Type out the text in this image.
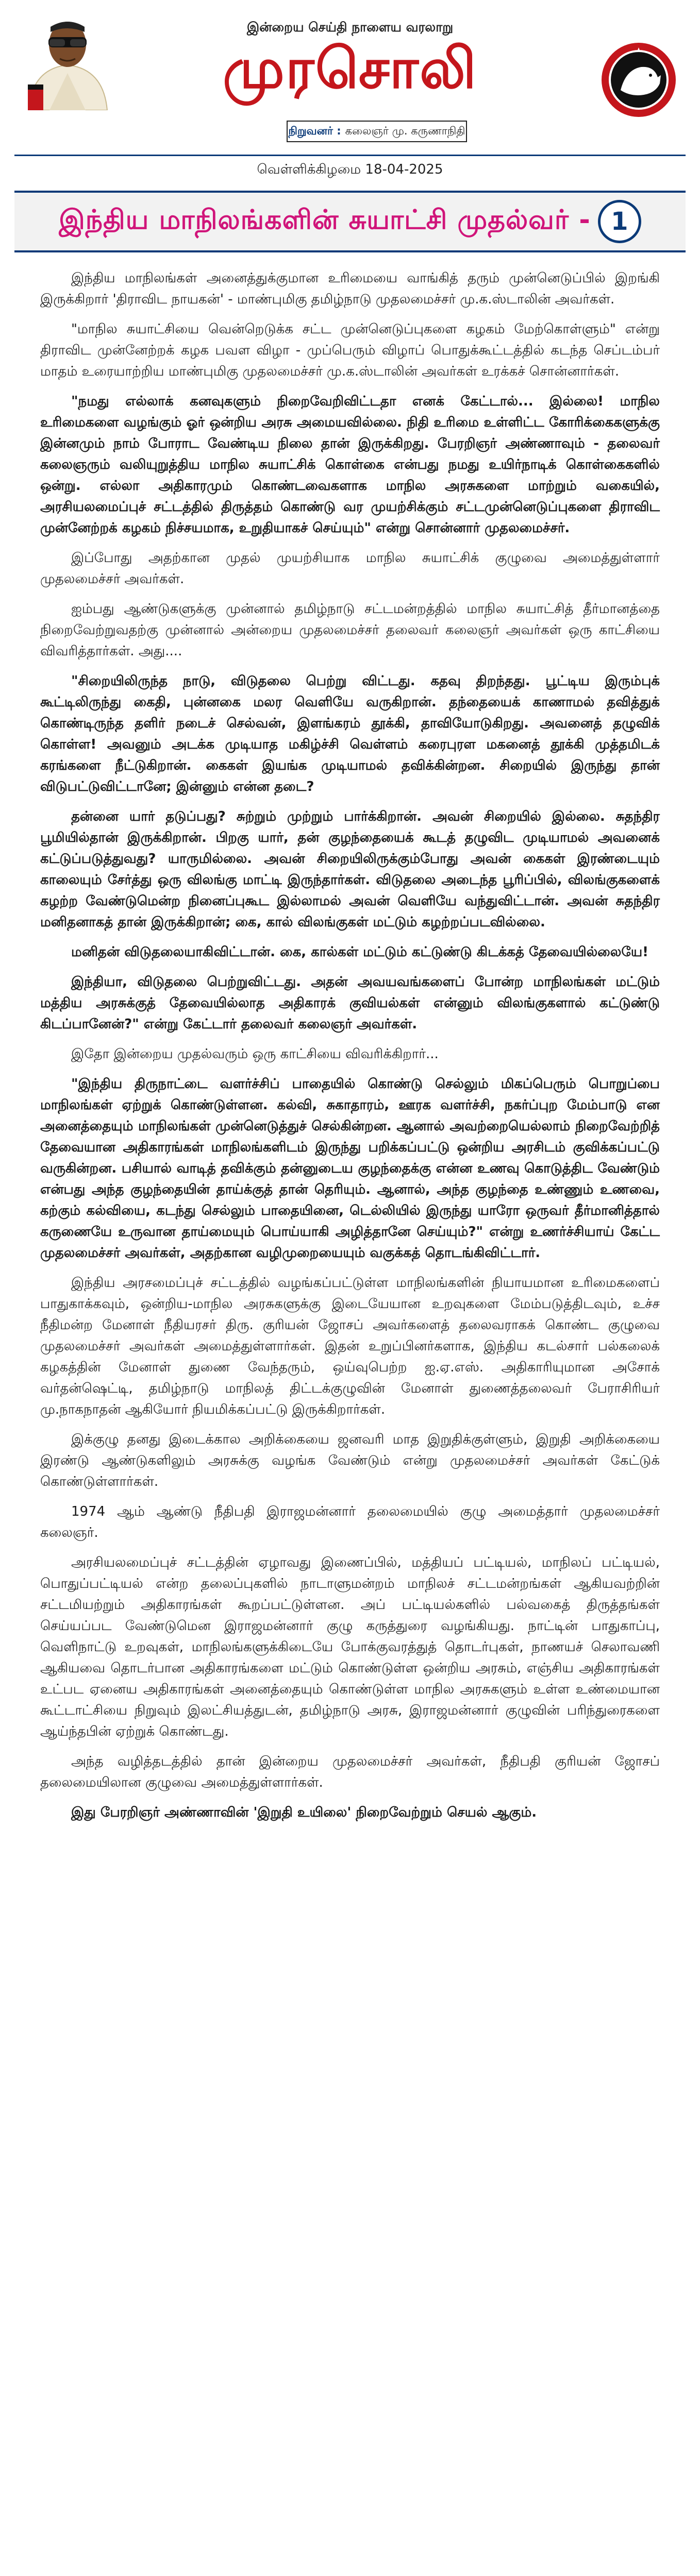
இன்றைய செய்தி நாளைய வரலாறு
முரசொலி
நிறுவனர் : கலைஞர் மு. கருணாநிதி
வெள்ளிக்கிழமை 18-04-2025
இந்திய மாநிலங்களின் சுயாட்சி முதல்வர் - 1

இந்திய மாநிலங்கள் அனைத்துக்குமான உரிமையை வாங்கித் தரும் முன்னெடுப்பில் இறங்கி இருக்கிறார் 'திராவிட நாயகன்' - மாண்புமிகு தமிழ்நாடு முதலமைச்சர் மு.க.ஸ்டாலின் அவர்கள்.

"மாநில சுயாட்சியை வென்றெடுக்க சட்ட முன்னெடுப்புகளை கழகம் மேற்கொள்ளும்" என்று திராவிட முன்னேற்றக் கழக பவள விழா - முப்பெரும் விழாப் பொதுக்கூட்டத்தில் கடந்த செப்டம்பர் மாதம் உரையாற்றிய மாண்புமிகு முதலமைச்சர் மு.க.ஸ்டாலின் அவர்கள் உரக்கச் சொன்னார்கள்.

"நமது எல்லாக் கனவுகளும் நிறைவேறிவிட்டதா எனக் கேட்டால்... இல்லை! மாநில உரிமைகளை வழங்கும் ஓர் ஒன்றிய அரசு அமையவில்லை. நிதி உரிமை உள்ளிட்ட கோரிக்கைகளுக்கு இன்னமும் நாம் போராட வேண்டிய நிலை தான் இருக்கிறது. பேரறிஞர் அண்ணாவும் - தலைவர் கலைஞரும் வலியுறுத்திய மாநில சுயாட்சிக் கொள்கை என்பது நமது உயிர்நாடிக் கொள்கைகளில் ஒன்று. எல்லா அதிகாரமும் கொண்டவைகளாக மாநில அரசுகளை மாற்றும் வகையில், அரசியலமைப்புச் சட்டத்தில் திருத்தம் கொண்டு வர முயற்சிக்கும் சட்டமுன்னெடுப்புகளை திராவிட முன்னேற்றக் கழகம் நிச்சயமாக, உறுதியாகச் செய்யும்" என்று சொன்னார் முதலமைச்சர்.

இப்போது அதற்கான முதல் முயற்சியாக மாநில சுயாட்சிக் குழுவை அமைத்துள்ளார் முதலமைச்சர் அவர்கள்.

ஐம்பது ஆண்டுகளுக்கு முன்னால் தமிழ்நாடு சட்டமன்றத்தில் மாநில சுயாட்சித் தீர்மானத்தை நிறைவேற்றுவதற்கு முன்னால் அன்றைய முதலமைச்சர் தலைவர் கலைஞர் அவர்கள் ஒரு காட்சியை விவரித்தார்கள். அது....

"சிறையிலிருந்த நாடு, விடுதலை பெற்று விட்டது. கதவு திறந்தது. பூட்டிய இரும்புக் கூட்டிலிருந்து கைதி, புன்னகை மலர வெளியே வருகிறான். தந்தையைக் காணாமல் தவித்துக் கொண்டிருந்த தளிர் நடைச் செல்வன், இளங்கரம் தூக்கி, தாவியோடுகிறது. அவனைத் தழுவிக் கொள்ள! அவனும் அடக்க முடியாத மகிழ்ச்சி வெள்ளம் கரைபுரள மகனைத் தூக்கி முத்தமிடக் கரங்களை நீட்டுகிறான். கைகள் இயங்க முடியாமல் தவிக்கின்றன. சிறையில் இருந்து தான் விடுபட்டுவிட்டானே; இன்னும் என்ன தடை?

தன்னை யார் தடுப்பது? சுற்றும் முற்றும் பார்க்கிறான். அவன் சிறையில் இல்லை. சுதந்திர பூமியில்தான் இருக்கிறான். பிறகு யார், தன் குழந்தையைக் கூடத் தழுவிட முடியாமல் அவனைக் கட்டுப்படுத்துவது? யாருமில்லை. அவன் சிறையிலிருக்கும்போது அவன் கைகள் இரண்டையும் காலையும் சேர்த்து ஒரு விலங்கு மாட்டி இருந்தார்கள். விடுதலை அடைந்த பூரிப்பில், விலங்குகளைக் கழற்ற வேண்டுமென்ற நினைப்புகூட இல்லாமல் அவன் வெளியே வந்துவிட்டான். அவன் சுதந்திர மனிதனாகத் தான் இருக்கிறான்; கை, கால் விலங்குகள் மட்டும் கழற்றப்படவில்லை.

மனிதன் விடுதலையாகிவிட்டான். கை, கால்கள் மட்டும் கட்டுண்டு கிடக்கத் தேவையில்லையே!

இந்தியா, விடுதலை பெற்றுவிட்டது. அதன் அவயவங்களைப் போன்ற மாநிலங்கள் மட்டும் மத்திய அரசுக்குத் தேவையில்லாத அதிகாரக் குவியல்கள் என்னும் விலங்குகளால் கட்டுண்டு கிடப்பானேன்?" என்று கேட்டார் தலைவர் கலைஞர் அவர்கள்.

இதோ இன்றைய முதல்வரும் ஒரு காட்சியை விவரிக்கிறார்...

"இந்திய திருநாட்டை வளர்ச்சிப் பாதையில் கொண்டு செல்லும் மிகப்பெரும் பொறுப்பை மாநிலங்கள் ஏற்றுக் கொண்டுள்ளன. கல்வி, சுகாதாரம், ஊரக வளர்ச்சி, நகர்ப்புற மேம்பாடு என அனைத்தையும் மாநிலங்கள் முன்னெடுத்துச் செல்கின்றன. ஆனால் அவற்றையெல்லாம் நிறைவேற்றித் தேவையான அதிகாரங்கள் மாநிலங்களிடம் இருந்து பறிக்கப்பட்டு ஒன்றிய அரசிடம் குவிக்கப்பட்டு வருகின்றன. பசியால் வாடித் தவிக்கும் தன்னுடைய குழந்தைக்கு என்ன உணவு கொடுத்திட வேண்டும் என்பது அந்த குழந்தையின் தாய்க்குத் தான் தெரியும். ஆனால், அந்த குழந்தை உண்ணும் உணவை, கற்கும் கல்வியை, கடந்து செல்லும் பாதையினை, டெல்லியில் இருந்து யாரோ ஒருவர் தீர்மானித்தால் கருணையே உருவான தாய்மையும் பொய்யாகி அழித்தானே செய்யும்?" என்று உணர்ச்சியாய் கேட்ட முதலமைச்சர் அவர்கள், அதற்கான வழிமுறையையும் வகுக்கத் தொடங்கிவிட்டார்.

இந்திய அரசமைப்புச் சட்டத்தில் வழங்கப்பட்டுள்ள மாநிலங்களின் நியாயமான உரிமைகளைப் பாதுகாக்கவும், ஒன்றிய-மாநில அரசுகளுக்கு இடையேயான உறவுகளை மேம்படுத்திடவும், உச்ச நீதிமன்ற மேனாள் நீதியரசர் திரு. குரியன் ஜோசப் அவர்களைத் தலைவராகக் கொண்ட குழுவை முதலமைச்சர் அவர்கள் அமைத்துள்ளார்கள். இதன் உறுப்பினர்களாக, இந்திய கடல்சார் பல்கலைக் கழகத்தின் மேனாள் துணை வேந்தரும், ஒய்வுபெற்ற ஐ.ஏ.எஸ். அதிகாரியுமான அசோக் வர்தன்ஷெட்டி, தமிழ்நாடு மாநிலத் திட்டக்குழுவின் மேனாள் துணைத்தலைவர் பேராசிரியர் மு.நாகநாதன் ஆகியோர் நியமிக்கப்பட்டு இருக்கிறார்கள்.

இக்குழு தனது இடைக்கால அறிக்கையை ஜனவரி மாத இறுதிக்குள்ளும், இறுதி அறிக்கையை இரண்டு ஆண்டுகளிலும் அரசுக்கு வழங்க வேண்டும் என்று முதலமைச்சர் அவர்கள் கேட்டுக் கொண்டுள்ளார்கள்.

1974 ஆம் ஆண்டு நீதிபதி இராஜமன்னார் தலைமையில் குழு அமைத்தார் முதலமைச்சர் கலைஞர்.

அரசியலமைப்புச் சட்டத்தின் ஏழாவது இணைப்பில், மத்தியப் பட்டியல், மாநிலப் பட்டியல், பொதுப்பட்டியல் என்ற தலைப்புகளில் நாடாளுமன்றம் மாநிலச் சட்டமன்றங்கள் ஆகியவற்றின் சட்டமியற்றும் அதிகாரங்கள் கூறப்பட்டுள்ளன. அப் பட்டியல்களில் பல்வகைத் திருத்தங்கள் செய்யப்பட வேண்டுமென இராஜமன்னார் குழு கருத்துரை வழங்கியது. நாட்டின் பாதுகாப்பு, வெளிநாட்டு உறவுகள், மாநிலங்களுக்கிடையே போக்குவரத்துத் தொடர்புகள், நாணயச் செலாவணி ஆகியவை தொடர்பான அதிகாரங்களை மட்டும் கொண்டுள்ள ஒன்றிய அரசும், எஞ்சிய அதிகாரங்கள் உட்பட ஏனைய அதிகாரங்கள் அனைத்தையும் கொண்டுள்ள மாநில அரசுகளும் உள்ள உண்மையான கூட்டாட்சியை நிறுவும் இலட்சியத்துடன், தமிழ்நாடு அரசு, இராஜமன்னார் குழுவின் பரிந்துரைகளை ஆய்ந்தபின் ஏற்றுக் கொண்டது.

அந்த வழித்தடத்தில் தான் இன்றைய முதலமைச்சர் அவர்கள், நீதிபதி குரியன் ஜோசப் தலைமையிலான குழுவை அமைத்துள்ளார்கள்.

இது பேரறிஞர் அண்ணாவின் 'இறுதி உயிலை' நிறைவேற்றும் செயல் ஆகும்.
